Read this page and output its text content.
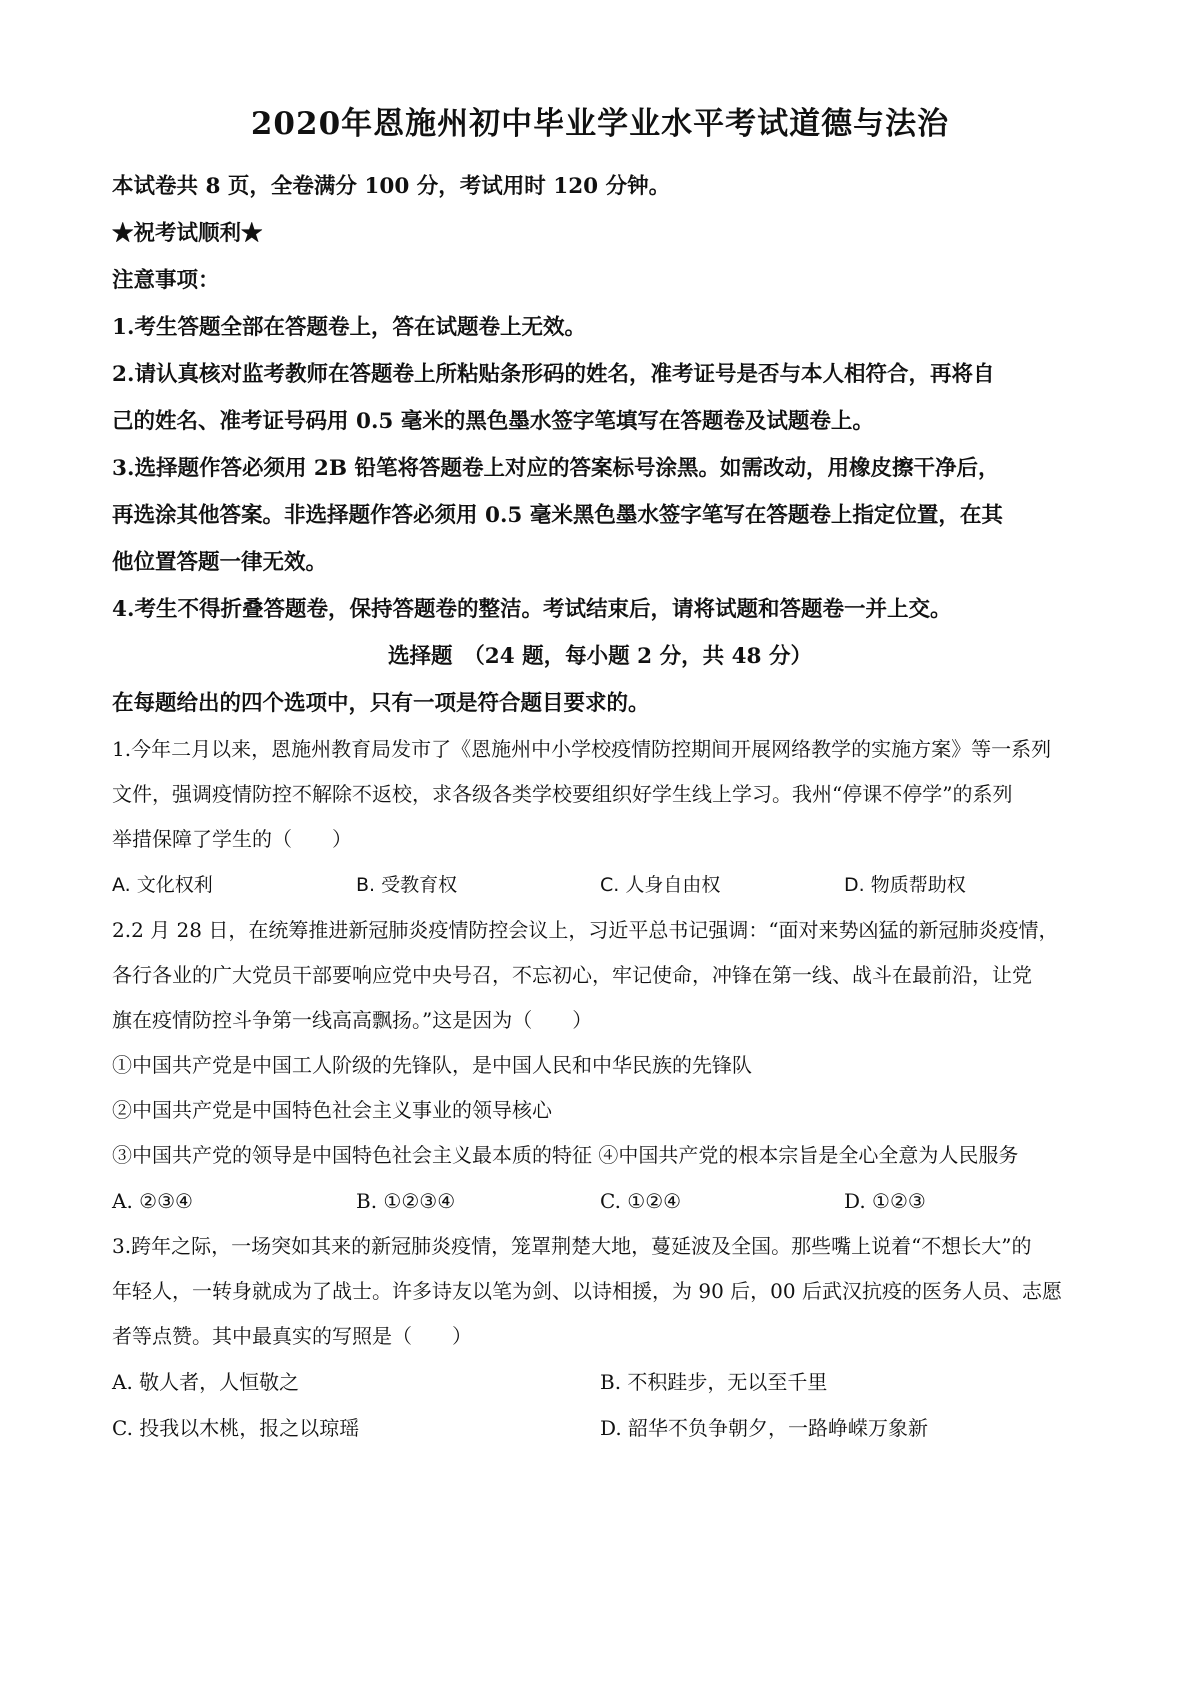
2020年恩施州初中毕业学业水平考试道德与法治
本试卷共 8 页，全卷满分 100 分，考试用时 120 分钟。
★祝考试顺利★
注意事项：
1.考生答题全部在答题卷上，答在试题卷上无效。
2.请认真核对监考教师在答题卷上所粘贴条形码的姓名，准考证号是否与本人相符合，再将自
己的姓名、准考证号码用 0.5 毫米的黑色墨水签字笔填写在答题卷及试题卷上。
3.选择题作答必须用 2B 铅笔将答题卷上对应的答案标号涂黑。如需改动，用橡皮擦干净后，
再选涂其他答案。非选择题作答必须用 0.5 毫米黑色墨水签字笔写在答题卷上指定位置，在其
他位置答题一律无效。
4.考生不得折叠答题卷，保持答题卷的整洁。考试结束后，请将试题和答题卷一并上交。
选择题　（24 题，每小题 2 分，共 48 分）
在每题给出的四个选项中，只有一项是符合题目要求的。
1.今年二月以来，恩施州教育局发市了《恩施州中小学校疫情防控期间开展网络教学的实施方案》等一系列
文件，强调疫情防控不解除不返校，求各级各类学校要组织好学生线上学习。我州“停课不停学”的系列
举措保障了学生的（　　）
A. 文化权利	B. 受教育权	C. 人身自由权	D. 物质帮助权
2.2 月 28 日，在统筹推进新冠肺炎疫情防控会议上，习近平总书记强调：“面对来势凶猛的新冠肺炎疫情，
各行各业的广大党员干部要响应党中央号召，不忘初心，牢记使命，冲锋在第一线、战斗在最前沿，让党
旗在疫情防控斗争第一线高高飘扬。”这是因为（　　）
①中国共产党是中国工人阶级的先锋队，是中国人民和中华民族的先锋队
②中国共产党是中国特色社会主义事业的领导核心
③中国共产党的领导是中国特色社会主义最本质的特征 ④中国共产党的根本宗旨是全心全意为人民服务
A. ②③④	B. ①②③④	C. ①②④	D. ①②③
3.跨年之际，一场突如其来的新冠肺炎疫情，笼罩荆楚大地，蔓延波及全国。那些嘴上说着“不想长大”的
年轻人，一转身就成为了战士。许多诗友以笔为剑、以诗相援，为 90 后，00 后武汉抗疫的医务人员、志愿
者等点赞。其中最真实的写照是（　　）
A. 敬人者，人恒敬之	B. 不积跬步，无以至千里
C. 投我以木桃，报之以琼瑶	D. 韶华不负争朝夕，一路峥嵘万象新
